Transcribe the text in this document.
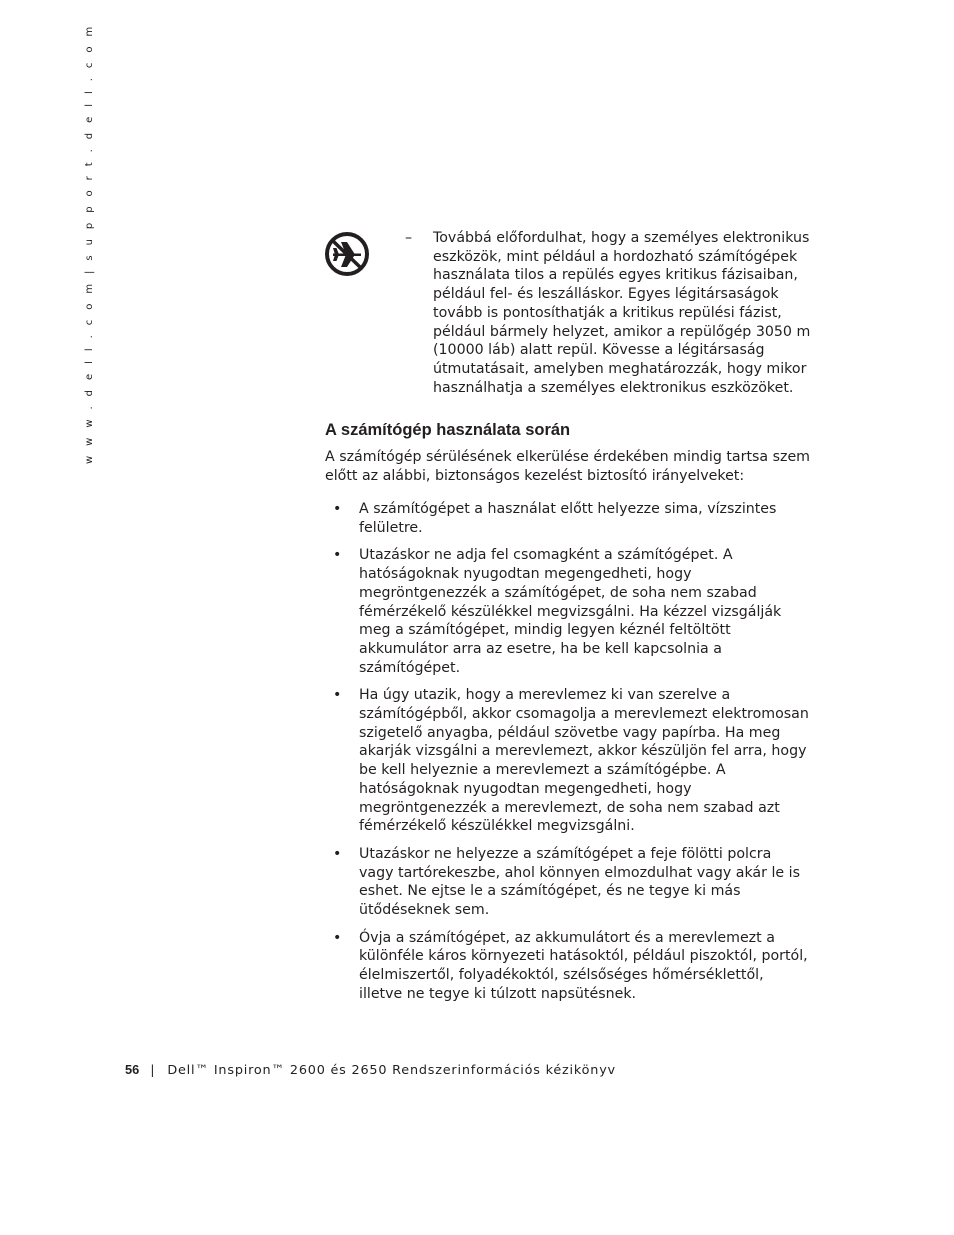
w w w . d e l l . c o m | s u p p o r t . d e l l . c o m	– Továbbá előfordulhat, hogy a személyes elektronikus eszközök, mint például a hordozható számítógépek használata tilos a repülés egyes kritikus fázisaiban, például fel- és leszálláskor. Egyes légitársaságok tovább is pontosíthatják a kritikus repülési fázist, például bármely helyzet, amikor a repülőgép 3050 m (10000 láb) alatt repül. Kövesse a légitársaság útmutatásait, amelyben meghatározzák, hogy mikor használhatja a személyes elektronikus eszközöket.
A számítógép használata során

A számítógép sérülésének elkerülése érdekében mindig tartsa szem előtt az alábbi, biztonságos kezelést biztosító irányelveket:

• A számítógépet a használat előtt helyezze sima, vízszintes felületre.
• Utazáskor ne adja fel csomagként a számítógépet. A hatóságoknak nyugodtan megengedheti, hogy megröntgenezzék a számítógépet, de soha nem szabad fémérzékelő készülékkel megvizsgálni. Ha kézzel vizsgálják meg a számítógépet, mindig legyen kéznél feltöltött akkumulátor arra az esetre, ha be kell kapcsolnia a számítógépet.
• Ha úgy utazik, hogy a merevlemez ki van szerelve a számítógépből, akkor csomagolja a merevlemezt elektromosan szigetelő anyagba, például szövetbe vagy papírba. Ha meg akarják vizsgálni a merevlemezt, akkor készüljön fel arra, hogy be kell helyeznie a merevlemezt a számítógépbe. A hatóságoknak nyugodtan megengedheti, hogy megröntgenezzék a merevlemezt, de soha nem szabad azt fémérzékelő készülékkel megvizsgálni.
• Utazáskor ne helyezze a számítógépet a feje fölötti polcra vagy tartórekeszbe, ahol könnyen elmozdulhat vagy akár le is eshet. Ne ejtse le a számítógépet, és ne tegye ki más ütődéseknek sem.
• Óvja a számítógépet, az akkumulátort és a merevlemezt a különféle káros környezeti hatásoktól, például piszoktól, portól, élelmiszertől, folyadékoktól, szélsőséges hőmérséklettől, illetve ne tegye ki túlzott napsütésnek.
56 | Dell™ Inspiron™ 2600 és 2650 Rendszerinformációs kézikönyv
